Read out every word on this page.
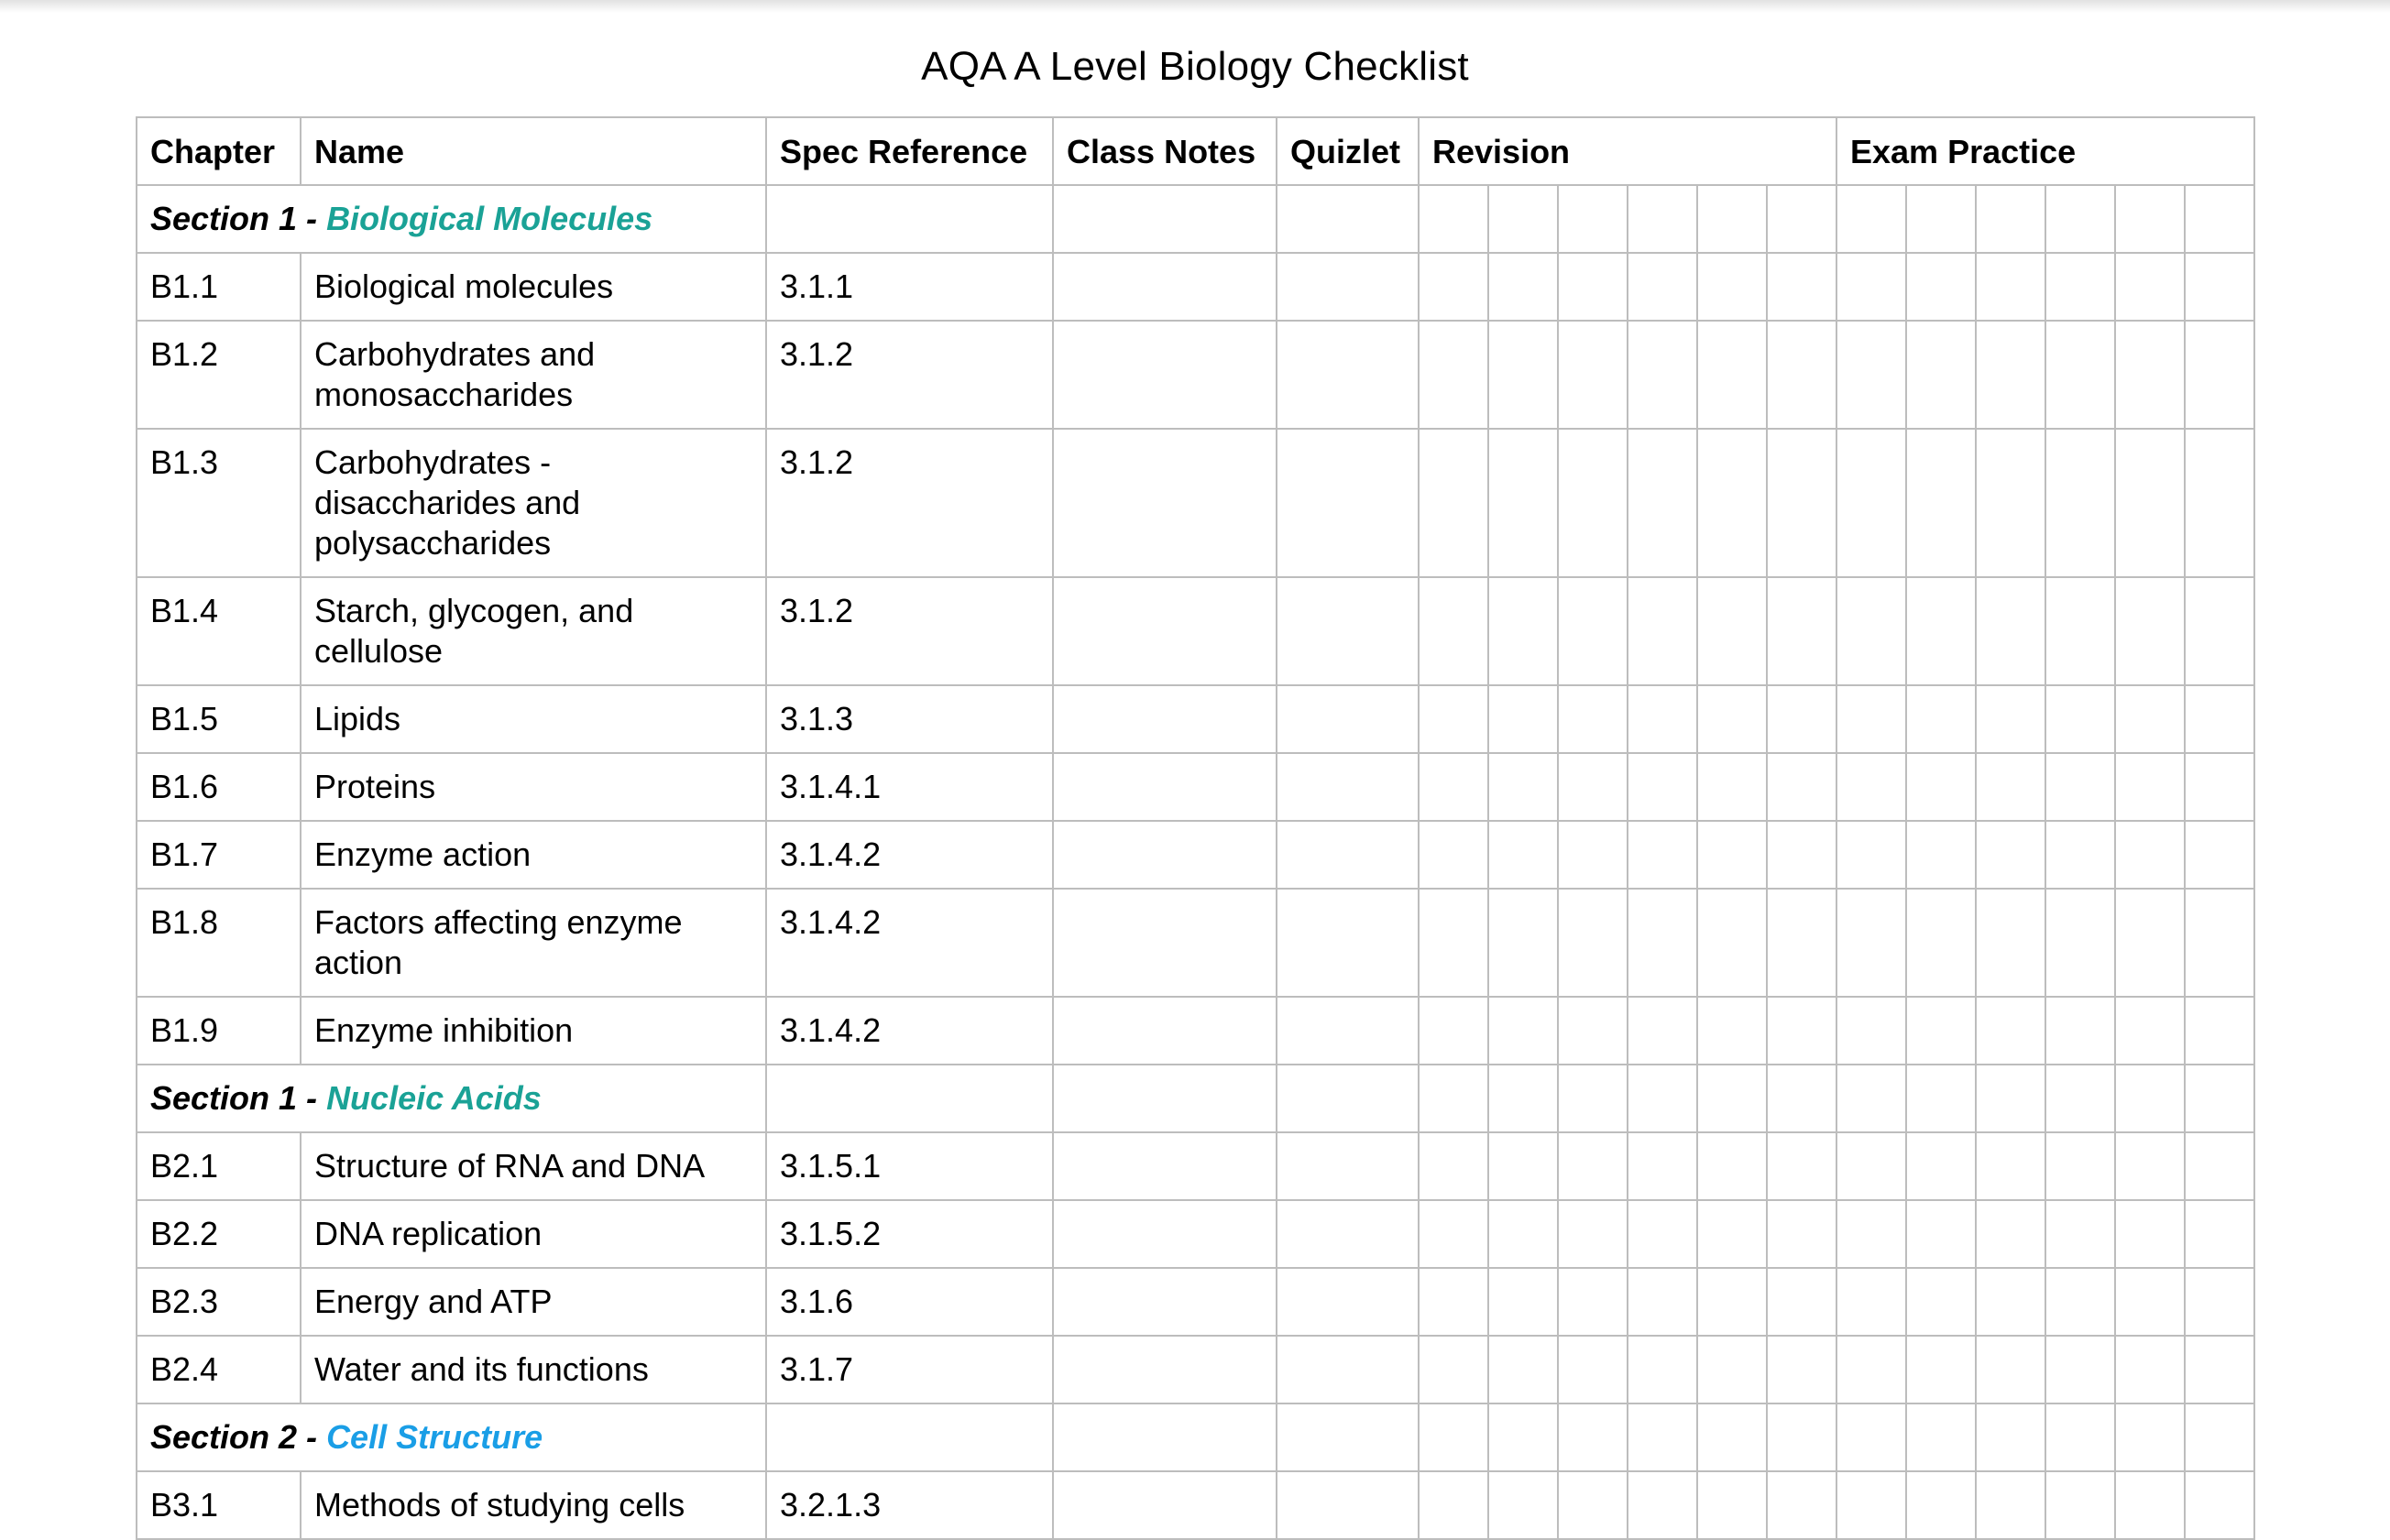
AQA A Level Biology Checklist
Chapter	Name	Spec Reference	Class Notes	Quizlet	Revision						Exam Practice					
Section 1 - Biological Molecules																
B1.1	Biological molecules	3.1.1														
B1.2	Carbohydrates and monosaccharides	3.1.2														
B1.3	Carbohydrates - disaccharides and polysaccharides	3.1.2														
B1.4	Starch, glycogen, and cellulose	3.1.2														
B1.5	Lipids	3.1.3														
B1.6	Proteins	3.1.4.1														
B1.7	Enzyme action	3.1.4.2														
B1.8	Factors affecting enzyme action	3.1.4.2														
B1.9	Enzyme inhibition	3.1.4.2														
Section 1 - Nucleic Acids																
B2.1	Structure of RNA and DNA	3.1.5.1														
B2.2	DNA replication	3.1.5.2														
B2.3	Energy and ATP	3.1.6														
B2.4	Water and its functions	3.1.7														
Section 2 - Cell Structure																

B3.1	Methods of studying cells	3.2.1.3														
